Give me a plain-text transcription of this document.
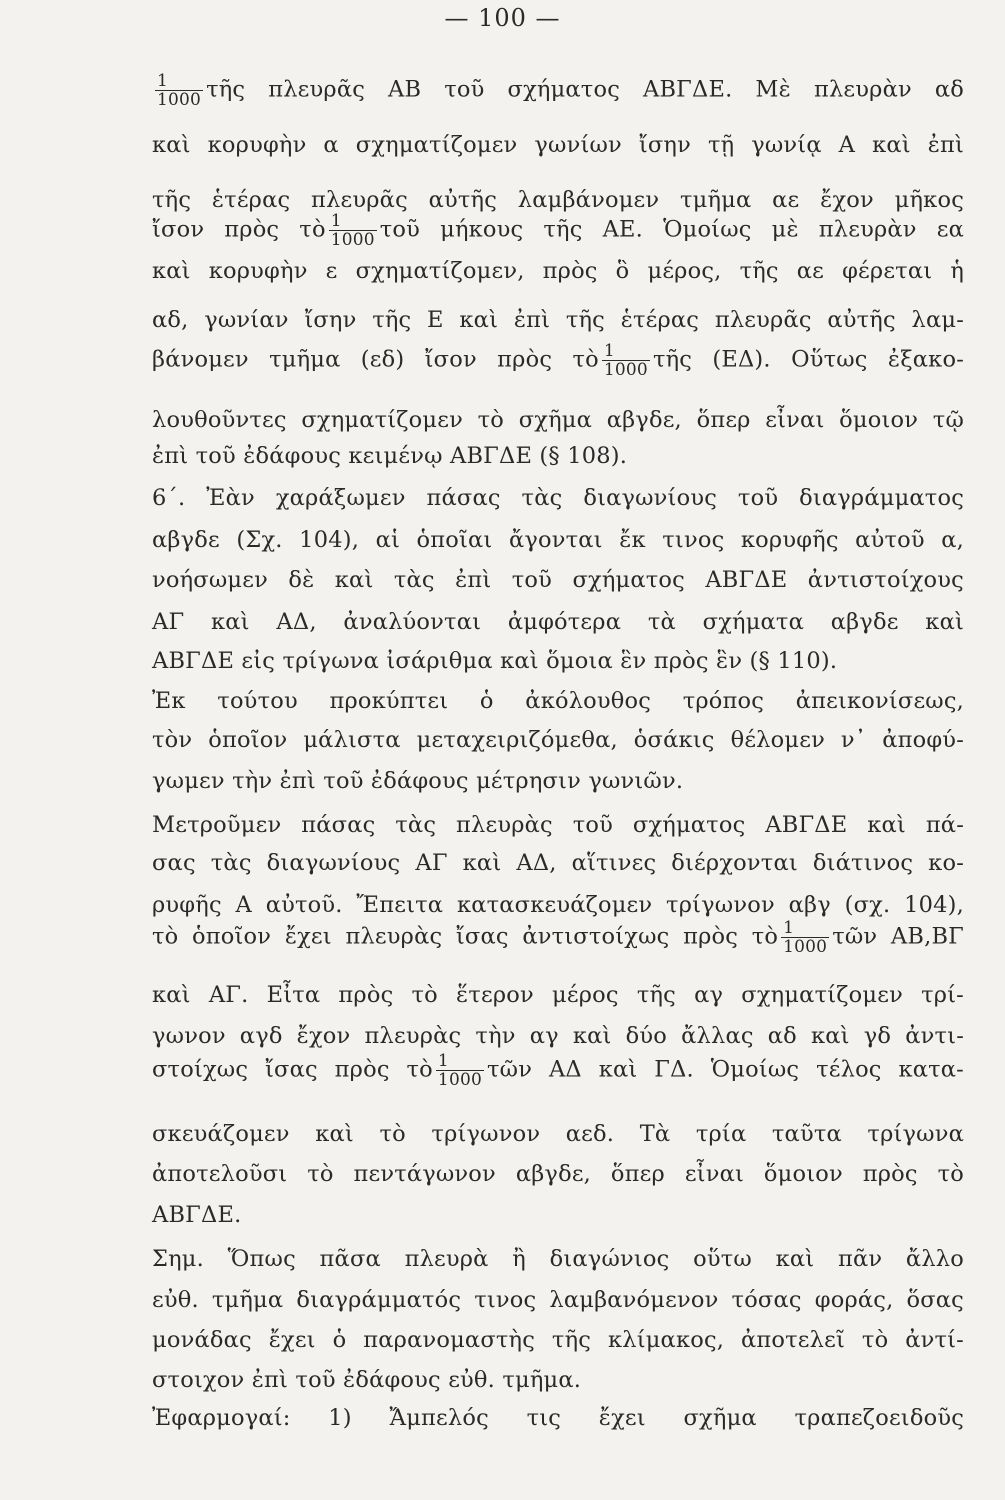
— 100 —
$\frac{1}{1000}$ τῆς πλευρᾶς ΑΒ τοῦ σχήματος ΑΒΓΔΕ. Μὲ πλευρὰν αδ
καὶ κορυφὴν α σχηματίζομεν γωνίων ἴσην τῇ γωνίᾳ Α καὶ ἐπὶ
τῆς ἑτέρας πλευρᾶς αὐτῆς λαμβάνομεν τμῆμα αε ἔχον μῆκος
ἴσον πρὸς τὸ $\frac{1}{1000}$ τοῦ μήκους τῆς ΑΕ. Ὁμοίως μὲ πλευρὰν εα
καὶ κορυφὴν ε σχηματίζομεν, πρὸς ὃ μέρος, τῆς αε φέρεται ἡ
αδ, γωνίαν ἴσην τῆς Ε καὶ ἐπὶ τῆς ἑτέρας πλευρᾶς αὐτῆς λαμ-
βάνομεν τμῆμα (εδ) ἴσον πρὸς τὸ $\frac{1}{1000}$ τῆς (ΕΔ). Οὕτως ἐξακο-
λουθοῦντες σχηματίζομεν τὸ σχῆμα αβγδε, ὅπερ εἶναι ὅμοιον τῷ
ἐπὶ τοῦ ἐδάφους κειμένῳ ΑΒΓΔΕ (§ 108).
6΄. Ἐὰν χαράξωμεν πάσας τὰς διαγωνίους τοῦ διαγράμματος
αβγδε (Σχ. 104), αἱ ὁποῖαι ἄγονται ἔκ τινος κορυφῆς αὐτοῦ α,
νοήσωμεν δὲ καὶ τὰς ἐπὶ τοῦ σχήματος ΑΒΓΔΕ ἀντιστοίχους
ΑΓ καὶ ΑΔ, ἀναλύονται ἀμφότερα τὰ σχήματα αβγδε καὶ
ΑΒΓΔΕ εἰς τρίγωνα ἰσάριθμα καὶ ὅμοια ἓν πρὸς ἓν (§ 110).
Ἐκ τούτου προκύπτει ὁ ἀκόλουθος τρόπος ἀπεικονίσεως,
τὸν ὁποῖον μάλιστα μεταχειριζόμεθα, ὁσάκις θέλομεν ν᾽ ἀποφύ-
γωμεν τὴν ἐπὶ τοῦ ἐδάφους μέτρησιν γωνιῶν.
Μετροῦμεν πάσας τὰς πλευρὰς τοῦ σχήματος ΑΒΓΔΕ καὶ πά-
σας τὰς διαγωνίους ΑΓ καὶ ΑΔ, αἵτινες διέρχονται διάτινος κο-
ρυφῆς Α αὐτοῦ. Ἔπειτα κατασκευάζομεν τρίγωνον αβγ (σχ. 104),
τὸ ὁποῖον ἔχει πλευρὰς ἴσας ἀντιστοίχως πρὸς τὸ $\frac{1}{1000}$ τῶν ΑΒ,ΒΓ
καὶ ΑΓ. Εἶτα πρὸς τὸ ἕτερον μέρος τῆς αγ σχηματίζομεν τρί-
γωνον αγδ ἔχον πλευρὰς τὴν αγ καὶ δύο ἄλλας αδ καὶ γδ ἀντι-
στοίχως ἴσας πρὸς τὸ $\frac{1}{1000}$ τῶν ΑΔ καὶ ΓΔ. Ὁμοίως τέλος κατα-
σκευάζομεν καὶ τὸ τρίγωνον αεδ. Τὰ τρία ταῦτα τρίγωνα
ἀποτελοῦσι τὸ πεντάγωνον αβγδε, ὅπερ εἶναι ὅμοιον πρὸς τὸ
ΑΒΓΔΕ.
Σημ. Ὅπως πᾶσα πλευρὰ ἢ διαγώνιος οὕτω καὶ πᾶν ἄλλο
εὐθ. τμῆμα διαγράμματός τινος λαμβανόμενον τόσας φοράς, ὅσας
μονάδας ἔχει ὁ παρανομαστὴς τῆς κλίμακος, ἀποτελεῖ τὸ ἀντί-
στοιχον ἐπὶ τοῦ ἐδάφους εὐθ. τμῆμα.
Ἐφαρμογαί: 1) Ἄμπελός τις ἔχει σχῆμα τραπεζοειδοῦς
